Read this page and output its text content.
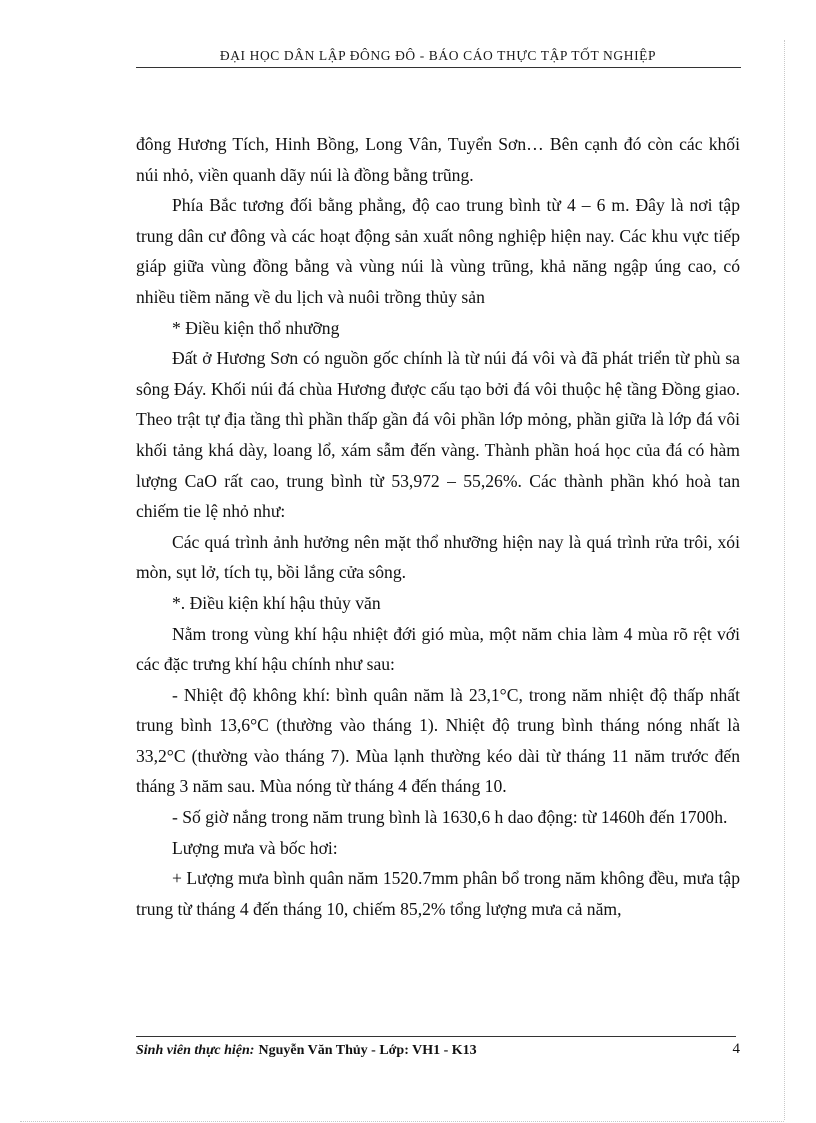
ĐẠI HỌC DÂN LẬP ĐÔNG ĐÔ - BÁO CÁO THỰC TẬP TỐT NGHIỆP

đông Hương Tích, Hinh Bồng, Long Vân, Tuyển Sơn… Bên cạnh đó còn các khối núi nhỏ, viền quanh dãy núi là đồng bằng trũng.

Phía Bắc tương đối bằng phẳng, độ cao trung bình từ 4 – 6 m. Đây là nơi tập trung dân cư đông và các hoạt động sản xuất nông nghiệp hiện nay. Các khu vực tiếp giáp giữa vùng đồng bằng và vùng núi là vùng trũng, khả năng ngập úng cao, có nhiều tiềm năng về du lịch và nuôi trồng thủy sản

* Điều kiện thổ nhưỡng

Đất ở Hương Sơn có nguồn gốc chính là từ núi đá vôi và đã phát triển từ phù sa sông Đáy. Khối núi đá chùa Hương được cấu tạo bởi đá vôi thuộc hệ tầng Đồng giao. Theo trật tự địa tầng thì phần thấp gần đá vôi phần lớp mỏng, phần giữa là lớp đá vôi khối tảng khá dày, loang lổ, xám sẫm đến vàng. Thành phần hoá học của đá có hàm lượng CaO rất cao, trung bình từ 53,972 – 55,26%. Các thành phần khó hoà tan chiếm tie lệ nhỏ như:

Các quá trình ảnh hưởng nên mặt thổ nhưỡng hiện nay là quá trình rửa trôi, xói mòn, sụt lở, tích tụ, bồi lắng cửa sông.

*. Điều kiện khí hậu thủy văn

Nằm trong vùng khí hậu nhiệt đới gió mùa, một năm chia làm 4 mùa rõ rệt với các đặc trưng khí hậu chính như sau:

- Nhiệt độ không khí: bình quân năm là 23,1°C, trong năm nhiệt độ thấp nhất trung bình 13,6°C (thường vào tháng 1). Nhiệt độ trung bình tháng nóng nhất là 33,2°C (thường vào tháng 7). Mùa lạnh thường kéo dài từ tháng 11 năm trước đến tháng 3 năm sau. Mùa nóng từ tháng 4 đến tháng 10.

- Số giờ nắng trong năm trung bình là 1630,6 h dao động: từ 1460h đến 1700h.

Lượng mưa và bốc hơi:

+ Lượng mưa bình quân năm 1520.7mm phân bổ trong năm không đều, mưa tập trung từ tháng 4 đến tháng 10, chiếm 85,2% tổng lượng mưa cả năm,

Sinh viên thực hiện: Nguyễn Văn Thủy - Lớp: VH1 - K13	4
